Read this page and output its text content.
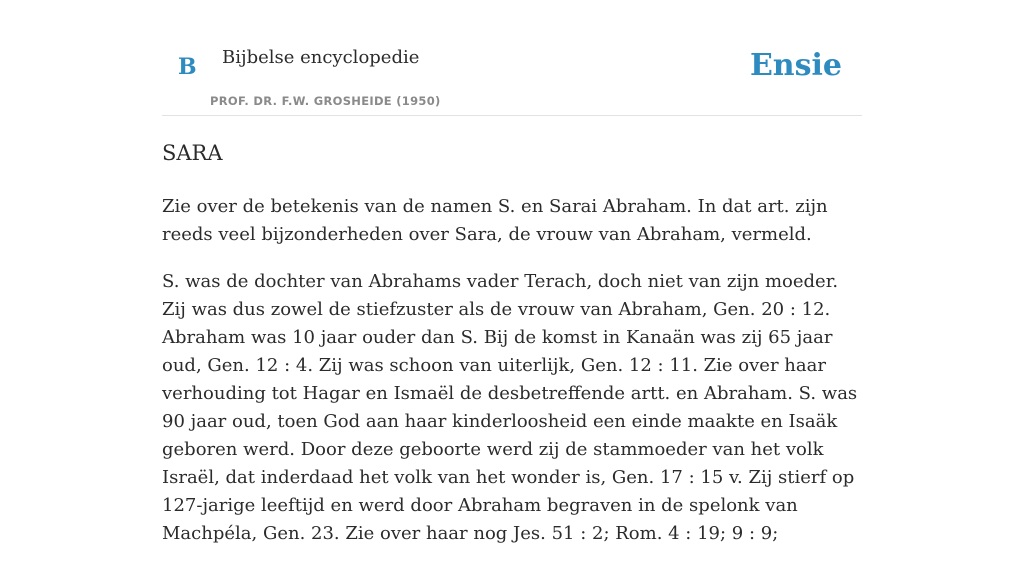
B Bijbelse encyclopedie
PROF. DR. F.W. GROSHEIDE (1950)
Ensie
SARA

Zie over de betekenis van de namen S. en Sarai Abraham. In dat art. zijn reeds veel bijzonderheden over Sara, de vrouw van Abraham, vermeld.

S. was de dochter van Abrahams vader Terach, doch niet van zijn moeder. Zij was dus zowel de stiefzuster als de vrouw van Abraham, Gen. 20 : 12. Abraham was 10 jaar ouder dan S. Bij de komst in Kanaän was zij 65 jaar oud, Gen. 12 : 4. Zij was schoon van uiterlijk, Gen. 12 : 11. Zie over haar verhouding tot Hagar en Ismaël de desbetreffende artt. en Abraham. S. was 90 jaar oud, toen God aan haar kinderloosheid een einde maakte en Isaäk geboren werd. Door deze geboorte werd zij de stammoeder van het volk Israël, dat inderdaad het volk van het wonder is, Gen. 17 : 15 v. Zij stierf op 127-jarige leeftijd en werd door Abraham begraven in de spelonk van Machpéla, Gen. 23. Zie over haar nog Jes. 51 : 2; Rom. 4 : 19; 9 : 9;
